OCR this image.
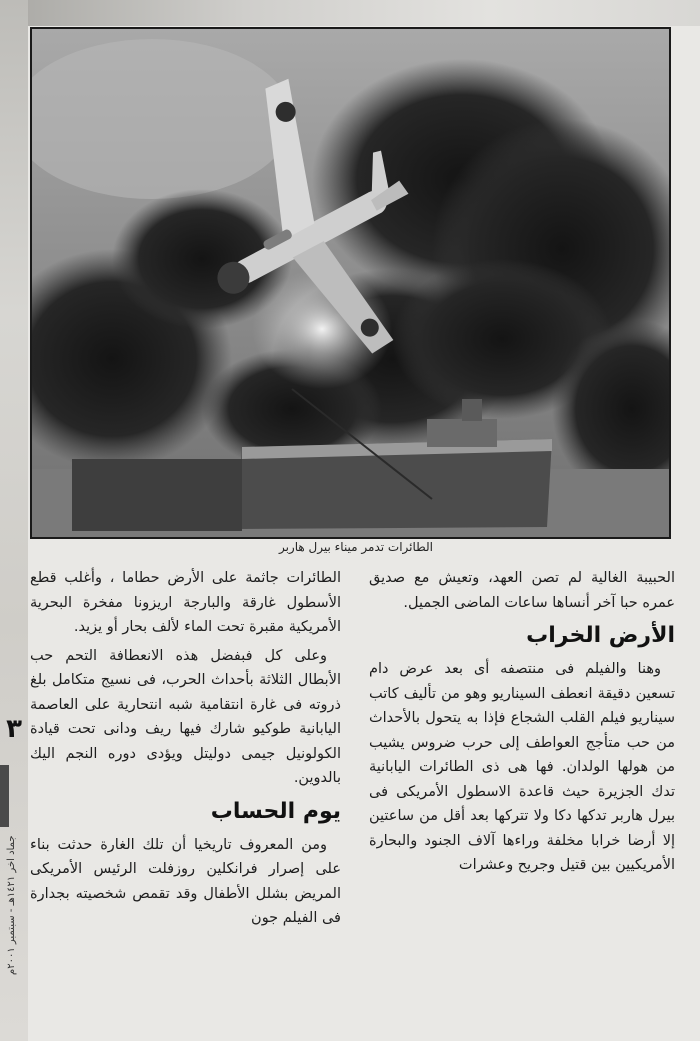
الطائرات تدمر ميناء بيرل هاربر

الحبيبة الغالية لم تصن العهد، وتعيش مع صديق عمره حبا آخر أنساها ساعات الماضى الجميل.

الأرض الخراب

وهنا والفيلم فى منتصفه أى بعد عرض دام تسعين دقيقة انعطف السيناريو وهو من تأليف كاتب سيناريو فيلم القلب الشجاع فإذا به يتحول بالأحداث من حب متأجج العواطف إلى حرب ضروس يشيب من هولها الولدان. فها هى ذى الطائرات اليابانية تدك الجزيرة حيث قاعدة الاسطول الأمريكى فى بيرل هاربر تدكها دكا ولا تتركها بعد أقل من ساعتين إلا أرضا خرابا مخلفة وراءها آلاف الجنود والبحارة الأمريكيين بين قتيل وجريح وعشرات

الطائرات جاثمة على الأرض حطاما ، وأغلب قطع الأسطول غارقة والبارجة اريزونا مفخرة البحرية الأمريكية مقبرة تحت الماء لألف بحار أو يزيد.

وعلى كل فبفضل هذه الانعطافة التحم حب الأبطال الثلاثة بأحداث الحرب، فى نسيج متكامل بلغ ذروته فى غارة انتقامية شبه انتحارية على العاصمة اليابانية طوكيو شارك فيها ريف ودانى تحت قيادة الكولونيل جيمى دوليتل ويؤدى دوره النجم اليك بالدوين.

يوم الحساب

ومن المعروف تاريخيا أن تلك الغارة حدثت بناء على إصرار فرانكلين روزفلت الرئيس الأمريكى المريض بشلل الأطفال وقد تقمص شخصيته بجدارة فى الفيلم جون

٣
جماد آخر ١٤٢١هـ - سبتمبر ٢٠٠١م
